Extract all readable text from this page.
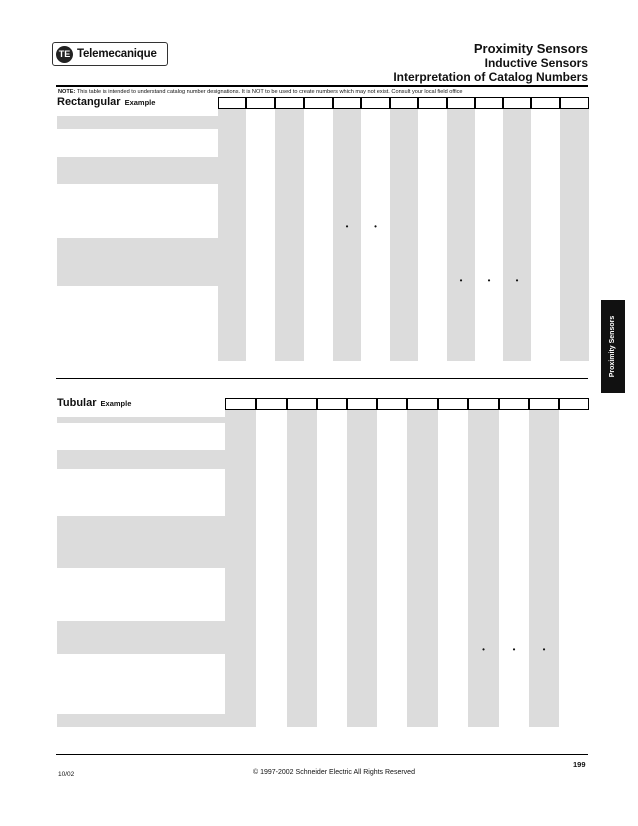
TE Telemecanique	Proximity Sensors
Inductive Sensors
Interpretation of Catalog Numbers
NOTE: This table is intended to understand catalog number designations. It is NOT to be used to create numbers which may not exist. Consult your local field office
Proximity Sensors
Rectangular Example
•	•
•	•	•
Tubular Example
•	•	•
199
10/02	© 1997-2002 Schneider Electric All Rights Reserved
